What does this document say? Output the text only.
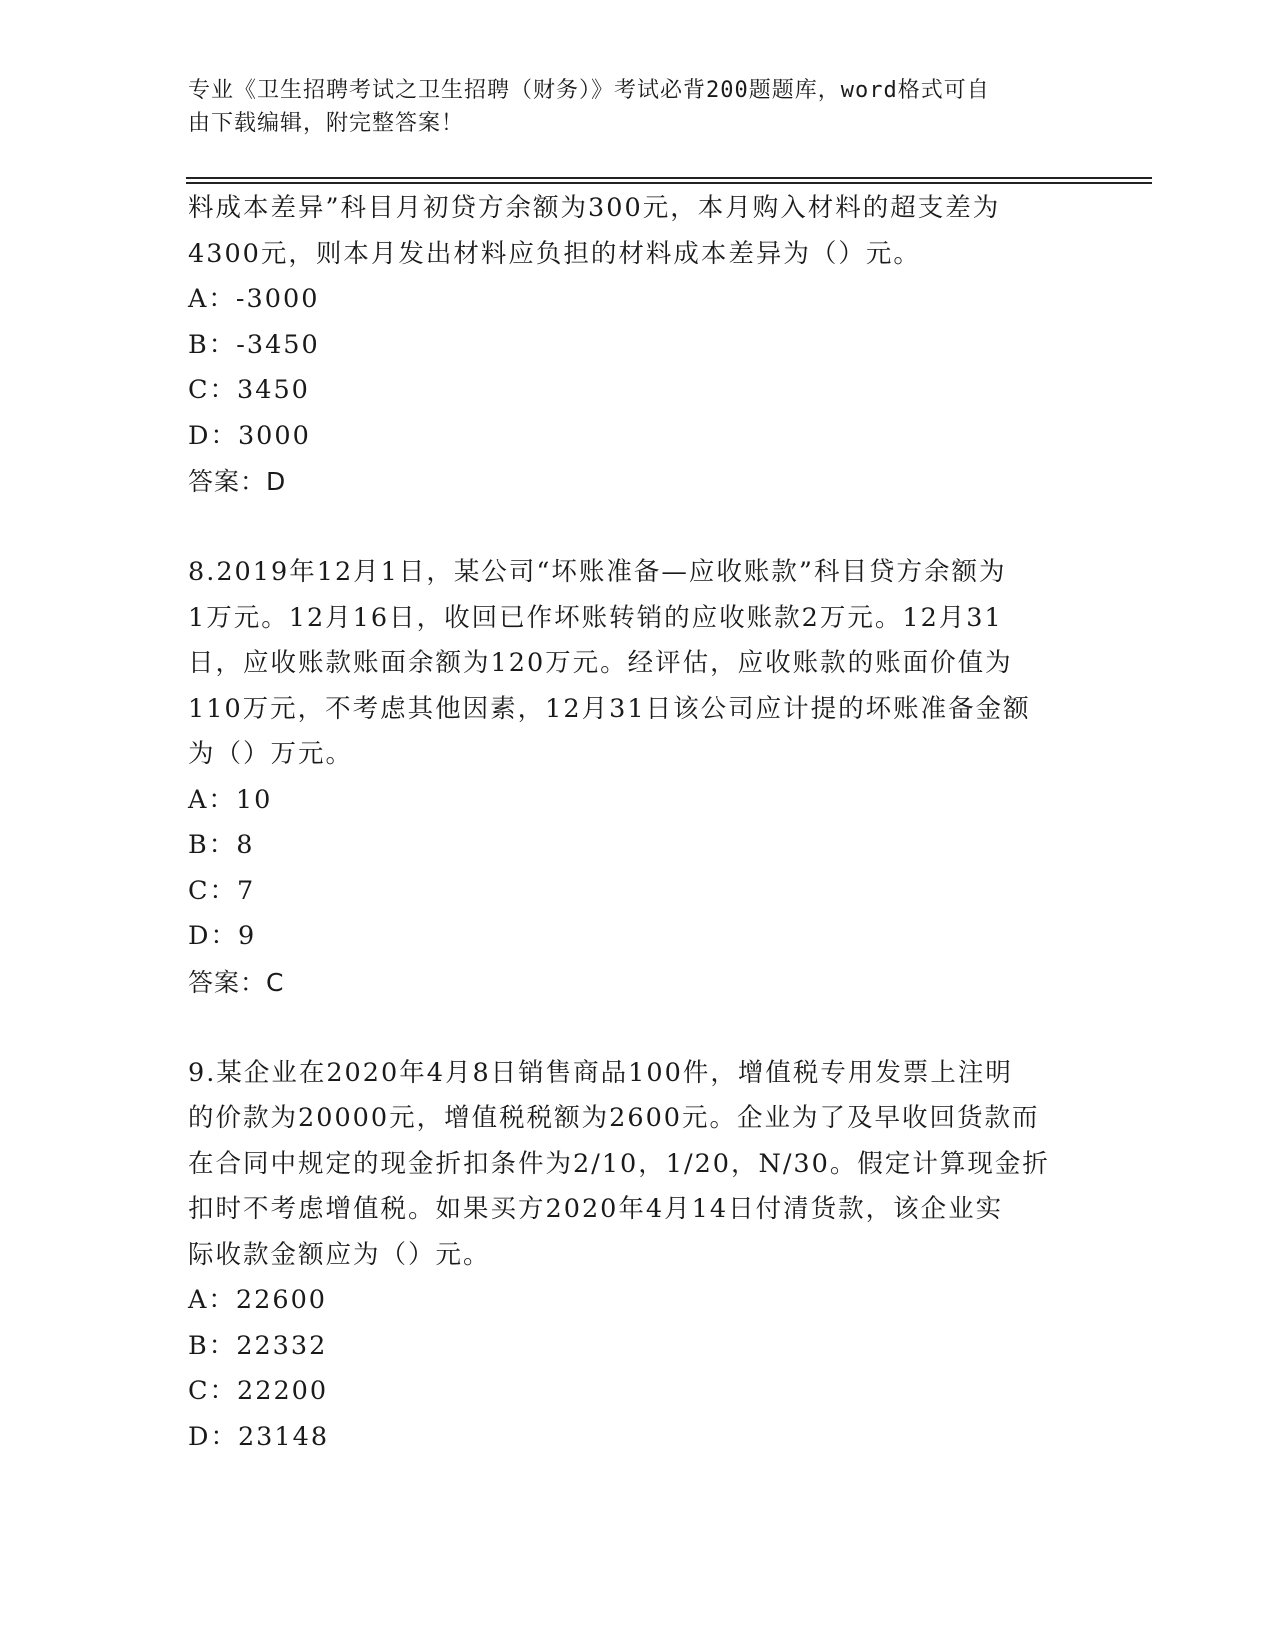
专业《卫生招聘考试之卫生招聘（财务）》考试必背200题题库，word格式可自
由下载编辑，附完整答案！
料成本差异”科目月初贷方余额为300元，本月购入材料的超支差为
4300元，则本月发出材料应负担的材料成本差异为（）元。
A：-3000
B：-3450
C：3450
D：3000
答案：D
8.2019年12月1日，某公司“坏账准备—应收账款”科目贷方余额为
1万元。12月16日，收回已作坏账转销的应收账款2万元。12月31
日，应收账款账面余额为120万元。经评估，应收账款的账面价值为
110万元，不考虑其他因素，12月31日该公司应计提的坏账准备金额
为（）万元。
A：10
B：8
C：7
D：9
答案：C
9.某企业在2020年4月8日销售商品100件，增值税专用发票上注明
的价款为20000元，增值税税额为2600元。企业为了及早收回货款而
在合同中规定的现金折扣条件为2/10，1/20，N/30。假定计算现金折
扣时不考虑增值税。如果买方2020年4月14日付清货款，该企业实
际收款金额应为（）元。
A：22600
B：22332
C：22200
D：23148
